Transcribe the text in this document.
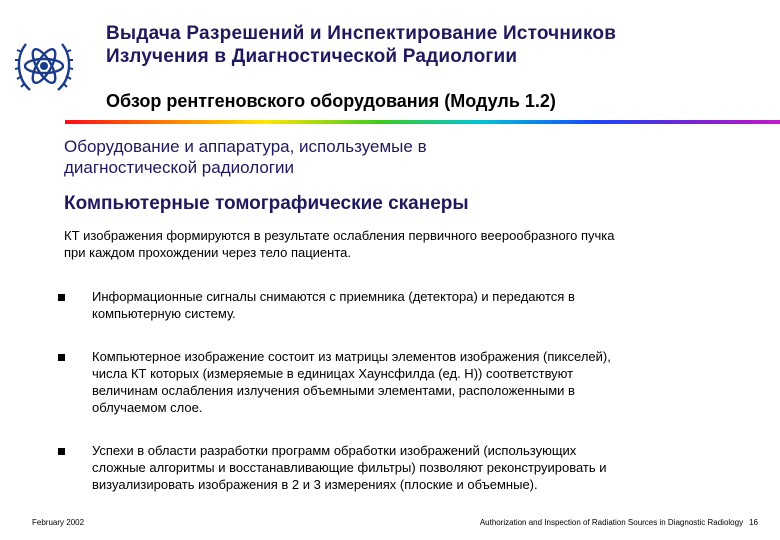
Выдача Разрешений и Инспектирование Источников
Излучения в Диагностической Радиологии
Обзор рентгеновского оборудования (Модуль 1.2)
Оборудование и аппаратура, используемые в
диагностической радиологии
Компьютерные томографические сканеры
КТ изображения формируются в результате ослабления первичного веерообразного пучка
при каждом прохождении через тело пациента.
Информационные сигналы снимаются с приемника (детектора) и передаются в
компьютерную систему.
Компьютерное изображение состоит из матрицы элементов изображения (пикселей),
числа КТ которых (измеряемые в единицах Хаунсфилда (ед. Н)) соответствуют
величинам ослабления излучения объемными элементами, расположенными в
облучаемом слое.
Успехи в области разработки программ обработки изображений (использующих
сложные алгоритмы и восстанавливающие фильтры) позволяют реконструировать и
визуализировать изображения в 2 и 3 измерениях (плоские и объемные).
February 2002	Authorization and Inspection of Radiation Sources in Diagnostic Radiology 16
